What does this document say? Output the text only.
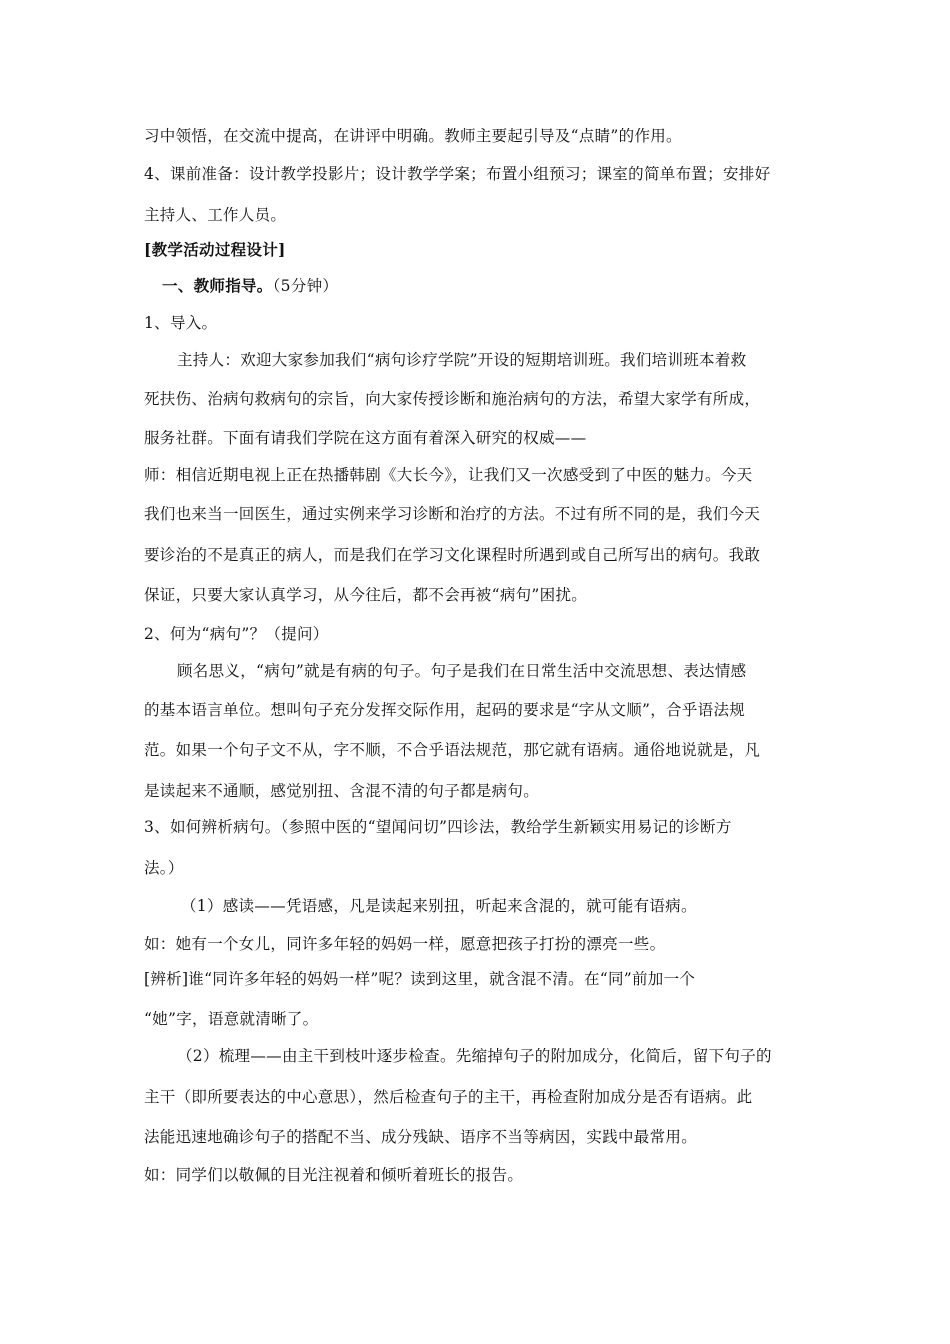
习中领悟，在交流中提高，在讲评中明确。教师主要起引导及“点睛”的作用。
4、课前准备：设计教学投影片；设计教学学案；布置小组预习；课室的简单布置；安排好
主持人、工作人员。
[教学活动过程设计]
一、教师指导。（5分钟）
1、导入。
主持人：欢迎大家参加我们“病句诊疗学院”开设的短期培训班。我们培训班本着救
死扶伤、治病句救病句的宗旨，向大家传授诊断和施治病句的方法，希望大家学有所成，
服务社群。下面有请我们学院在这方面有着深入研究的权威——
师：相信近期电视上正在热播韩剧《大长今》，让我们又一次感受到了中医的魅力。今天
我们也来当一回医生，通过实例来学习诊断和治疗的方法。不过有所不同的是，我们今天
要诊治的不是真正的病人，而是我们在学习文化课程时所遇到或自己所写出的病句。我敢
保证，只要大家认真学习，从今往后，都不会再被“病句”困扰。
2、何为“病句”？（提问）
顾名思义，“病句”就是有病的句子。句子是我们在日常生活中交流思想、表达情感
的基本语言单位。想叫句子充分发挥交际作用，起码的要求是“字从文顺”，合乎语法规
范。如果一个句子文不从，字不顺，不合乎语法规范，那它就有语病。通俗地说就是，凡
是读起来不通顺，感觉别扭、含混不清的句子都是病句。
3、如何辨析病句。（参照中医的“望闻问切”四诊法，教给学生新颖实用易记的诊断方
法。）
（1）感读——凭语感，凡是读起来别扭，听起来含混的，就可能有语病。
如：她有一个女儿，同许多年轻的妈妈一样，愿意把孩子打扮的漂亮一些。
[辨析]谁“同许多年轻的妈妈一样”呢？读到这里，就含混不清。在“同”前加一个
“她”字，语意就清晰了。
（2）梳理——由主干到枝叶逐步检查。先缩掉句子的附加成分，化简后，留下句子的
主干（即所要表达的中心意思），然后检查句子的主干，再检查附加成分是否有语病。此
法能迅速地确诊句子的搭配不当、成分残缺、语序不当等病因，实践中最常用。
如：同学们以敬佩的目光注视着和倾听着班长的报告。
